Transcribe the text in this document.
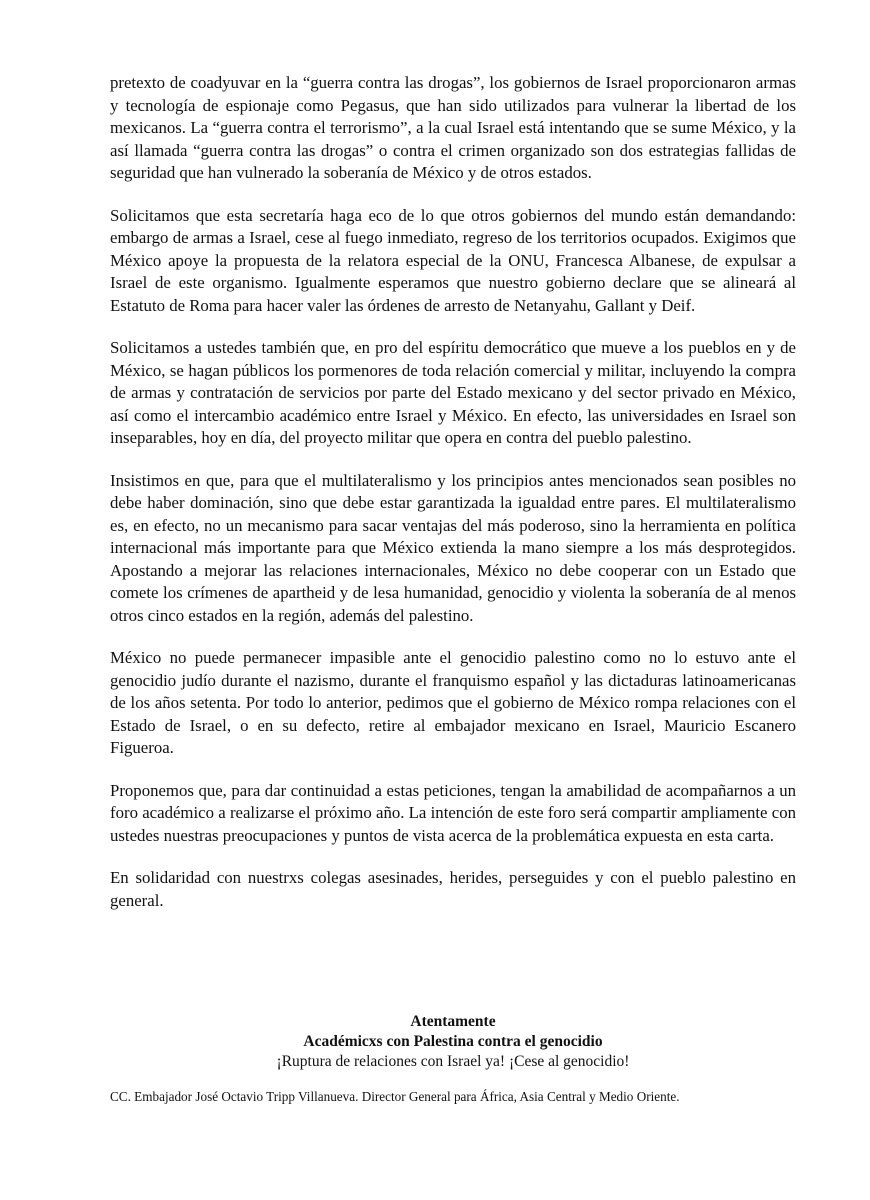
pretexto de coadyuvar en la “guerra contra las drogas”, los gobiernos de Israel proporcionaron armas y tecnología de espionaje como Pegasus, que han sido utilizados para vulnerar la libertad de los mexicanos. La “guerra contra el terrorismo”, a la cual Israel está intentando que se sume México, y la así llamada “guerra contra las drogas” o contra el crimen organizado son dos estrategias fallidas de seguridad que han vulnerado la soberanía de México y de otros estados.

Solicitamos que esta secretaría haga eco de lo que otros gobiernos del mundo están demandando: embargo de armas a Israel, cese al fuego inmediato, regreso de los territorios ocupados. Exigimos que México apoye la propuesta de la relatora especial de la ONU, Francesca Albanese, de expulsar a Israel de este organismo. Igualmente esperamos que nuestro gobierno declare que se alineará al Estatuto de Roma para hacer valer las órdenes de arresto de Netanyahu, Gallant y Deif.

Solicitamos a ustedes también que, en pro del espíritu democrático que mueve a los pueblos en y de México, se hagan públicos los pormenores de toda relación comercial y militar, incluyendo la compra de armas y contratación de servicios por parte del Estado mexicano y del sector privado en México, así como el intercambio académico entre Israel y México. En efecto, las universidades en Israel son inseparables, hoy en día, del proyecto militar que opera en contra del pueblo palestino.

Insistimos en que, para que el multilateralismo y los principios antes mencionados sean posibles no debe haber dominación, sino que debe estar garantizada la igualdad entre pares. El multilateralismo es, en efecto, no un mecanismo para sacar ventajas del más poderoso, sino la herramienta en política internacional más importante para que México extienda la mano siempre a los más desprotegidos. Apostando a mejorar las relaciones internacionales, México no debe cooperar con un Estado que comete los crímenes de apartheid y de lesa humanidad, genocidio y violenta la soberanía de al menos otros cinco estados en la región, además del palestino.

México no puede permanecer impasible ante el genocidio palestino como no lo estuvo ante el genocidio judío durante el nazismo, durante el franquismo español y las dictaduras latinoamericanas de los años setenta. Por todo lo anterior, pedimos que el gobierno de México rompa relaciones con el Estado de Israel, o en su defecto, retire al embajador mexicano en Israel, Mauricio Escanero Figueroa.

Proponemos que, para dar continuidad a estas peticiones, tengan la amabilidad de acompañarnos a un foro académico a realizarse el próximo año. La intención de este foro será compartir ampliamente con ustedes nuestras preocupaciones y puntos de vista acerca de la problemática expuesta en esta carta.

En solidaridad con nuestrxs colegas asesinades, herides, perseguides y con el pueblo palestino en general.

Atentamente
Académicxs con Palestina contra el genocidio
¡Ruptura de relaciones con Israel ya! ¡Cese al genocidio!
CC. Embajador José Octavio Tripp Villanueva. Director General para África, Asia Central y Medio Oriente.
